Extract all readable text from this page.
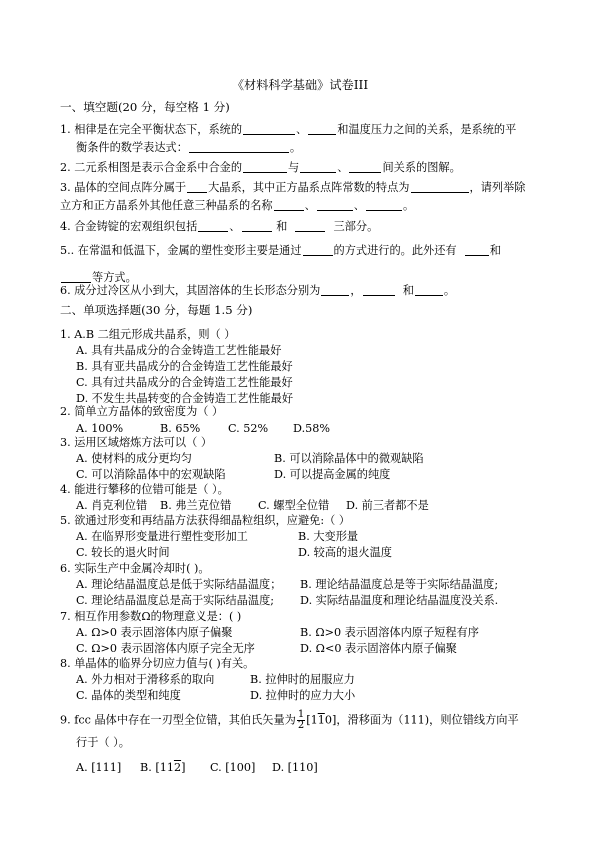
《材料科学基础》试卷III
一、填空题(20 分，每空格 1 分)
1. 相律是在完全平衡状态下，系统的	、	和温度压力之间的关系，是系统的平
衡条件的数学表达式：	。
2. 二元系相图是表示合金系中合金的	与	、	间关系的图解。
3. 晶体的空间点阵分属于 大晶系，其中正方晶系点阵常数的特点为	，请列举除
立方和正方晶系外其他任意三种晶系的名称	、	、	。
4. 合金铸锭的宏观组织包括	、	和	三部分。
5.. 在常温和低温下，金属的塑性变形主要是通过	的方式进行的。此外还有	和
等方式。
6. 成分过冷区从小到大，其固溶体的生长形态分别为	，	和	。
二、单项选择题(30 分，每题 1.5 分)
1. A.B 二组元形成共晶系，则（ ）
A. 具有共晶成分的合金铸造工艺性能最好
B. 具有亚共晶成分的合金铸造工艺性能最好
C. 具有过共晶成分的合金铸造工艺性能最好
D. 不发生共晶转变的合金铸造工艺性能最好
2. 简单立方晶体的致密度为（ ）
A. 100%	B. 65% C. 52% D.58%
3. 运用区域熔炼方法可以（ ）
A. 使材料的成分更均匀	B. 可以消除晶体中的微观缺陷
C. 可以消除晶体中的宏观缺陷	D. 可以提高金属的纯度
4. 能进行攀移的位错可能是（ ）。
A. 肖克利位错 B. 弗兰克位错 C. 螺型全位错 D. 前三者都不是
5. 欲通过形变和再结晶方法获得细晶粒组织，应避免:（ ）
A. 在临界形变量进行塑性变形加工	B. 大变形量
C. 较长的退火时间	D. 较高的退火温度
6. 实际生产中金属冷却时( )。
A. 理论结晶温度总是低于实际结晶温度； B. 理论结晶温度总是等于实际结晶温度;
C. 理论结晶温度总是高于实际结晶温度; D. 实际结晶温度和理论结晶温度没关系.
7. 相互作用参数Ω的物理意义是：( )
A. Ω>0 表示固溶体内原子偏聚	B. Ω>0 表示固溶体内原子短程有序
C. Ω>0 表示固溶体内原子完全无序	D. Ω<0 表示固溶体内原子偏聚
8. 单晶体的临界分切应力值与( )有关。
A. 外力相对于滑移系的取向	B. 拉伸时的屈服应力
C. 晶体的类型和纯度	D. 拉伸时的应力大小
9. fcc 晶体中存在一刃型全位错，其伯氏矢量为 $\frac{1}{2} [110]$，滑移面为（111)，则位错线方向平
行于（ ）。
A. [111] B. [112] C. [100] D. [110]
